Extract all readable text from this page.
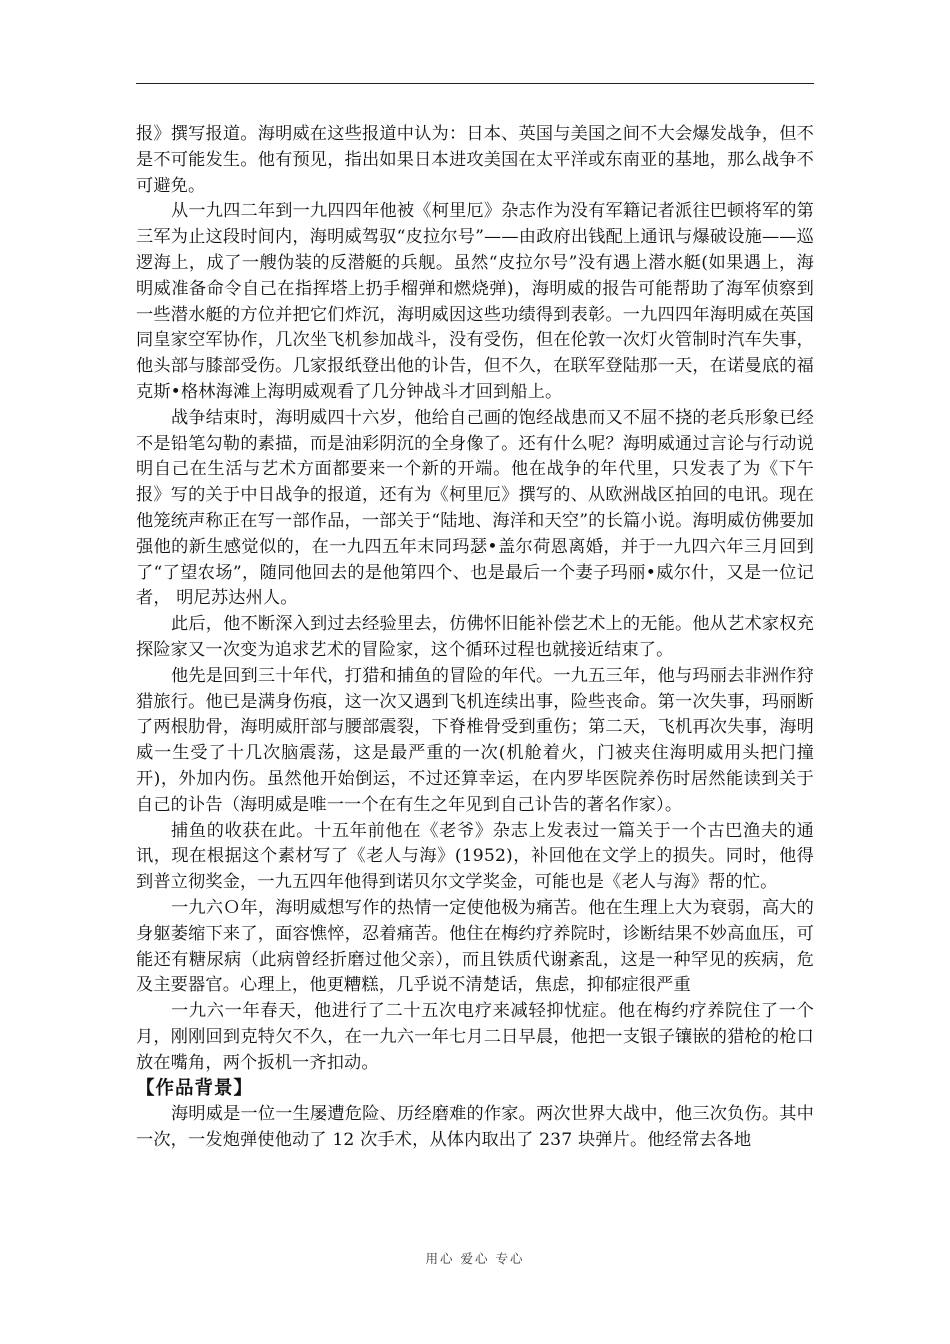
报》撰写报道。海明威在这些报道中认为：日本、英国与美国之间不大会爆发战争，但不是不可能发生。他有预见，指出如果日本进攻美国在太平洋或东南亚的基地，那么战争不可避免。

从一九四二年到一九四四年他被《柯里厄》杂志作为没有军籍记者派往巴顿将军的第三军为止这段时间内，海明威驾驭“皮拉尔号”——由政府出钱配上通讯与爆破设施——巡逻海上，成了一艘伪装的反潜艇的兵舰。虽然“皮拉尔号”没有遇上潜水艇(如果遇上，海明威准备命令自己在指挥塔上扔手榴弹和燃烧弹)，海明威的报告可能帮助了海军侦察到一些潜水艇的方位并把它们炸沉，海明威因这些功绩得到表彰。一九四四年海明威在英国同皇家空军协作，几次坐飞机参加战斗，没有受伤，但在伦敦一次灯火管制时汽车失事，他头部与膝部受伤。几家报纸登出他的讣告，但不久，在联军登陆那一天，在诺曼底的福克斯•格林海滩上海明威观看了几分钟战斗才回到船上。

战争结束时，海明威四十六岁，他给自己画的饱经战患而又不屈不挠的老兵形象已经不是铅笔勾勒的素描，而是油彩阴沉的全身像了。还有什么呢？海明威通过言论与行动说明自己在生活与艺术方面都要来一个新的开端。他在战争的年代里，只发表了为《下午报》写的关于中日战争的报道，还有为《柯里厄》撰写的、从欧洲战区拍回的电讯。现在他笼统声称正在写一部作品，一部关于“陆地、海洋和天空”的长篇小说。海明威仿佛要加强他的新生感觉似的，在一九四五年末同玛瑟•盖尔荷恩离婚，并于一九四六年三月回到了“了望农场”，随同他回去的是他第四个、也是最后一个妻子玛丽•威尔什，又是一位记者， 明尼苏达州人。

此后，他不断深入到过去经验里去，仿佛怀旧能补偿艺术上的无能。他从艺术家权充探险家又一次变为追求艺术的冒险家，这个循环过程也就接近结束了。

他先是回到三十年代，打猎和捕鱼的冒险的年代。一九五三年，他与玛丽去非洲作狩猎旅行。他已是满身伤痕，这一次又遇到飞机连续出事，险些丧命。第一次失事，玛丽断了两根肋骨，海明威肝部与腰部震裂，下脊椎骨受到重伤；第二天，飞机再次失事，海明威一生受了十几次脑震荡，这是最严重的一次(机舱着火，门被夹住海明威用头把门撞开)，外加内伤。虽然他开始倒运，不过还算幸运，在内罗毕医院养伤时居然能读到关于自己的讣告（海明威是唯一一个在有生之年见到自己讣告的著名作家）。

捕鱼的收获在此。十五年前他在《老爷》杂志上发表过一篇关于一个古巴渔夫的通讯，现在根据这个素材写了《老人与海》(1952)，补回他在文学上的损失。同时，他得到普立彻奖金，一九五四年他得到诺贝尔文学奖金，可能也是《老人与海》帮的忙。

一九六Ｏ年，海明威想写作的热情一定使他极为痛苦。他在生理上大为衰弱，高大的身躯萎缩下来了，面容憔悴，忍着痛苦。他住在梅约疗养院时，诊断结果不妙高血压，可能还有糖尿病（此病曾经折磨过他父亲），而且铁质代谢紊乱，这是一种罕见的疾病，危及主要器官。心理上，他更糟糕，几乎说不清楚话，焦虑，抑郁症很严重

一九六一年春天，他进行了二十五次电疗来减轻抑忧症。他在梅约疗养院住了一个月，刚刚回到克特欠不久，在一九六一年七月二日早晨，他把一支银子镶嵌的猎枪的枪口放在嘴角，两个扳机一齐扣动。

【作品背景】

海明威是一位一生屡遭危险、历经磨难的作家。两次世界大战中，他三次负伤。其中一次，一发炮弹使他动了 12 次手术，从体内取出了 237 块弹片。他经常去各地

用心 爱心 专心
